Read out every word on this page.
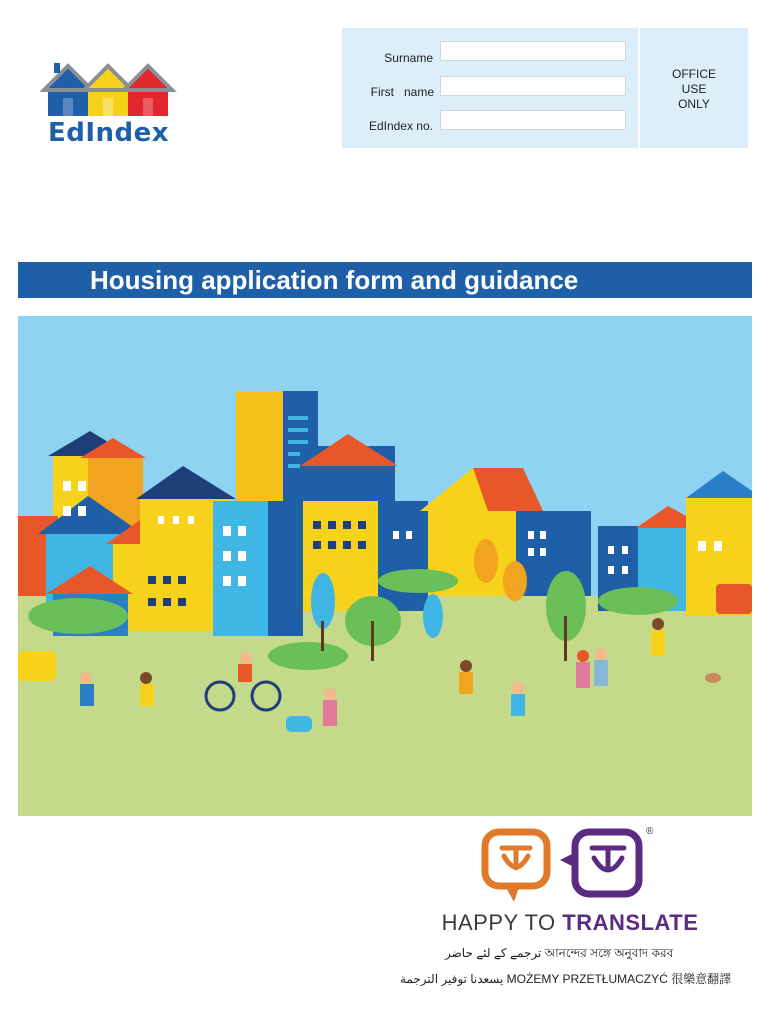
EdIndex
Surname
First   name
EdIndex no.
OFFICE
USE
ONLY
Housing application form and guidance
®
HAPPY TO TRANSLATE
ترجمے کے لئے حاضر আনন্দের সঙ্গে অনুবাদ করব
يسعدنا توفير الترجمة MOŻEMY PRZETŁUMACZYĆ 很樂意翻譯
